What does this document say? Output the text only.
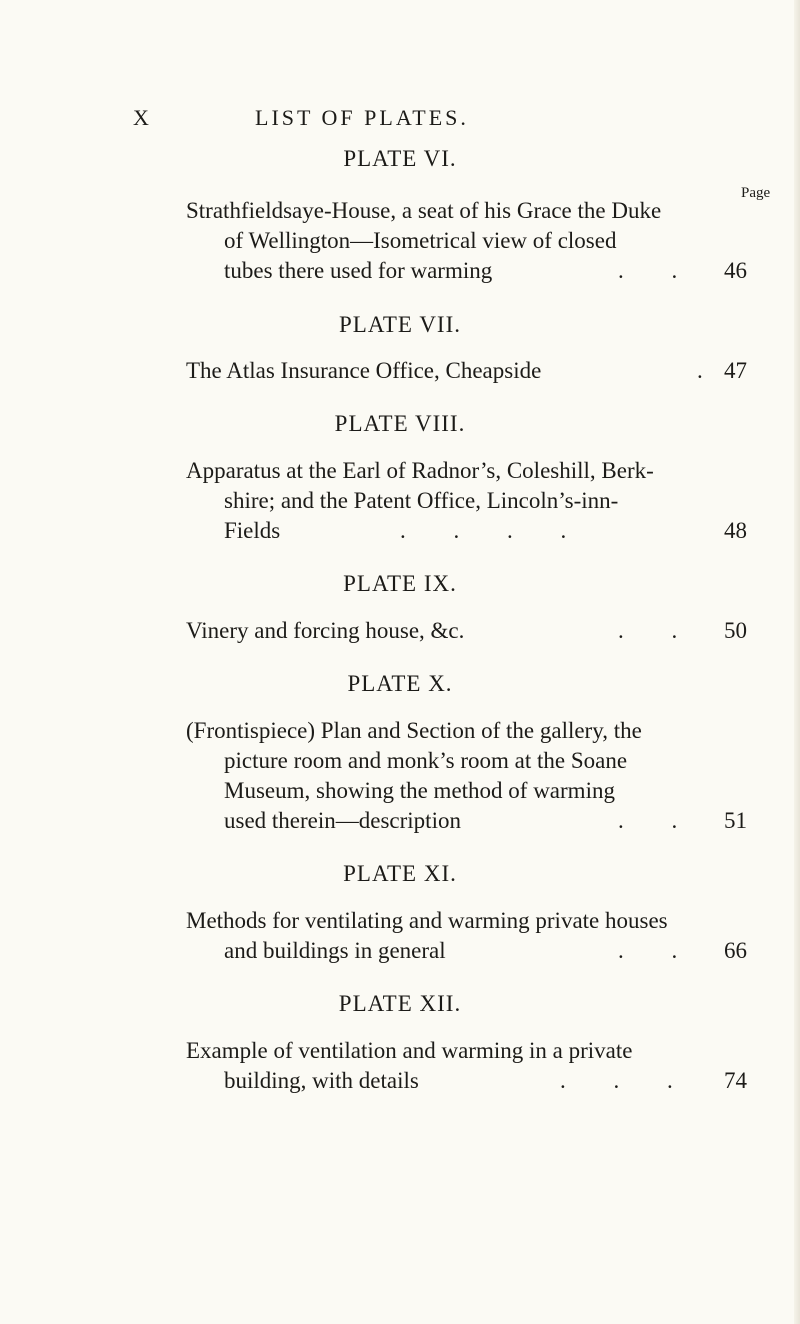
X	LIST OF PLATES.
Page
PLATE VI.
Strathfieldsaye-House, a seat of his Grace the Duke
of Wellington—Isometrical view of closed
tubes there used for warming	. . 46
PLATE VII.
The Atlas Insurance Office, Cheapside	. 47
PLATE VIII.
Apparatus at the Earl of Radnor’s, Coleshill, Berk-
shire; and the Patent Office, Lincoln’s-inn-
Fields	. . . .	48
PLATE IX.
Vinery and forcing house, &c.	. . 50
PLATE X.
(Frontispiece) Plan and Section of the gallery, the
picture room and monk’s room at the Soane
Museum, showing the method of warming
used therein—description	. . 51
PLATE XI.
Methods for ventilating and warming private houses
and buildings in general	. . 66
PLATE XII.
Example of ventilation and warming in a private
building, with details	. . . 74
